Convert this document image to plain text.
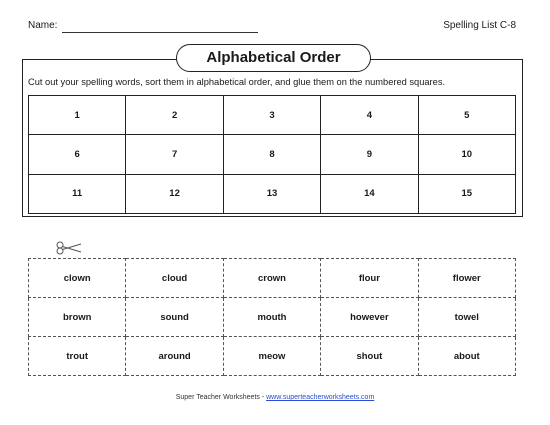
Name:	Spelling List C-8
Alphabetical Order
Cut out your spelling words, sort them in alphabetical order, and glue them on the numbered squares.
1	2	3	4	5
6	7	8	9	10
11	12	13	14	15
clown	cloud	crown	flour	flower
brown	sound	mouth	however	towel
trout	around	meow	shout	about
Super Teacher Worksheets - www.superteacherworksheets.com
